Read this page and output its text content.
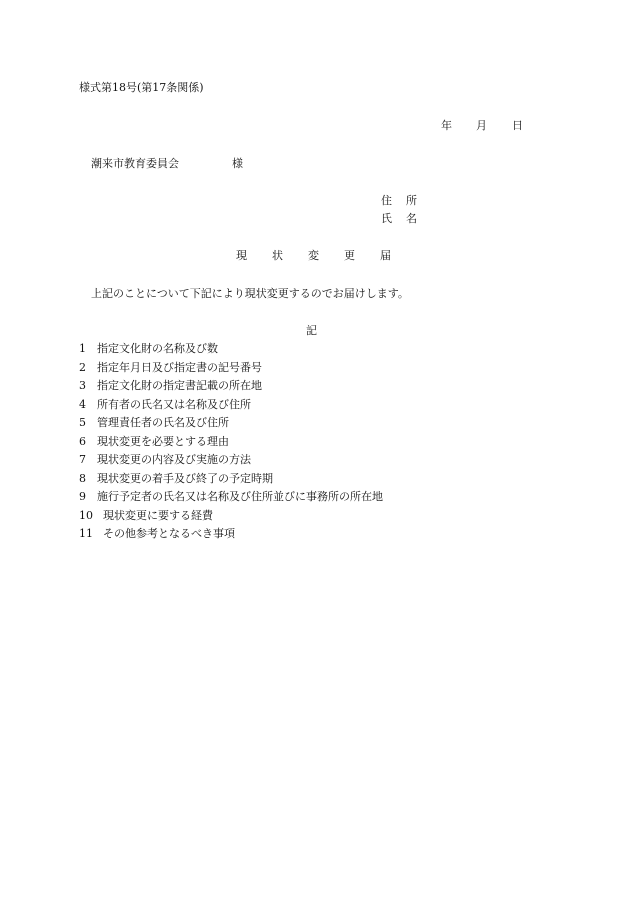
様式第18号(第17条関係)
年 月 日
潮来市教育委員会	様
住	所
氏	名
現	状	変	更	届
上記のことについて下記により現状変更するのでお届けします。
記
1 指定文化財の名称及び数
2 指定年月日及び指定書の記号番号
3 指定文化財の指定書記載の所在地
4 所有者の氏名又は名称及び住所
5 管理責任者の氏名及び住所
6 現状変更を必要とする理由
7 現状変更の内容及び実施の方法
8 現状変更の着手及び終了の予定時期
9 施行予定者の氏名又は名称及び住所並びに事務所の所在地
10 現状変更に要する経費
11 その他参考となるべき事項
